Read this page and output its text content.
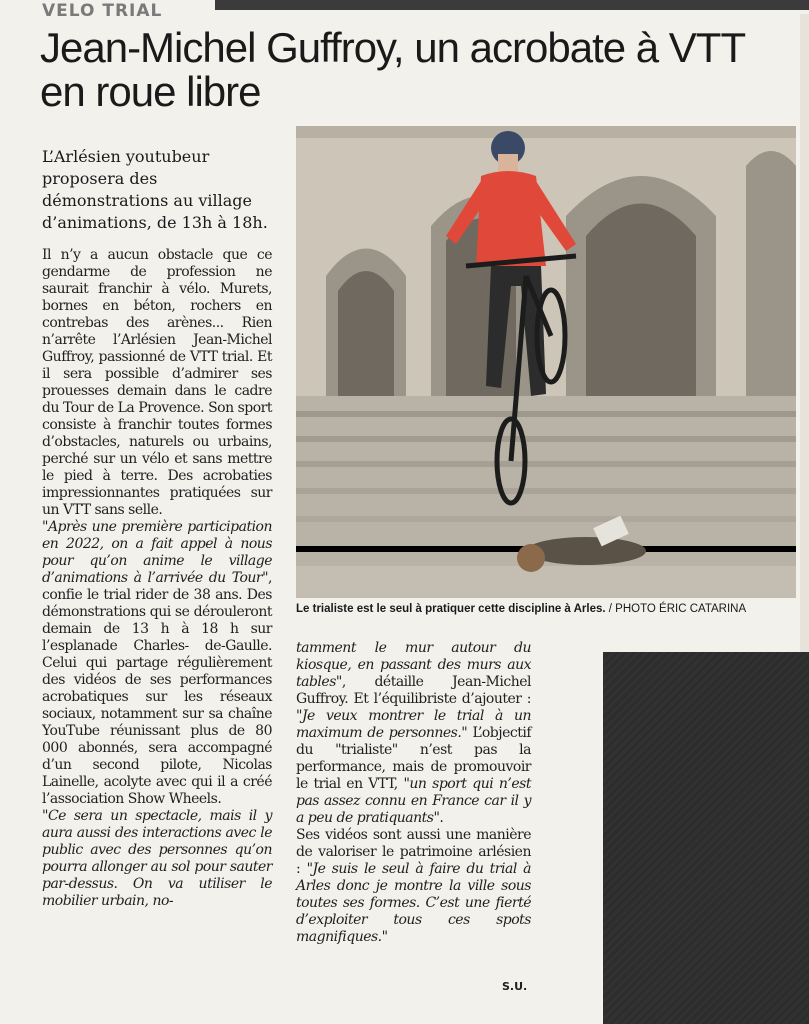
VELO TRIAL
Jean-Michel Guffroy, un acrobate à VTT en roue libre

L’Arlésien youtubeur proposera des démonstrations au village d’animations, de 13h à 18h.

Il n’y a aucun obstacle que ce gendarme de profession ne saurait franchir à vélo. Murets, bornes en béton, rochers en contrebas des arènes... Rien n’arrête l’Arlésien Jean-Michel Guffroy, passionné de VTT trial. Et il sera possible d’admirer ses prouesses demain dans le cadre du Tour de La Provence. Son sport consiste à franchir toutes formes d’obstacles, naturels ou urbains, perché sur un vélo et sans mettre le pied à terre. Des acrobaties impressionnantes pratiquées sur un VTT sans selle.

"Après une première participation en 2022, on a fait appel à nous pour qu’on anime le village d’animations à l’arrivée du Tour", confie le trial rider de 38 ans. Des démonstrations qui se dérouleront demain de 13 h à 18 h sur l’esplanade Charles- de-Gaulle. Celui qui partage régulièrement des vidéos de ses performances acrobatiques sur les réseaux sociaux, notamment sur sa chaîne YouTube réunissant plus de 80 000 abonnés, sera accompagné d’un second pilote, Nicolas Lainelle, acolyte avec qui il a créé l’association Show Wheels.

"Ce sera un spectacle, mais il y aura aussi des interactions avec le public avec des personnes qu’on pourra allonger au sol pour sauter par-dessus. On va utiliser le mobilier urbain, no-

Le trialiste est le seul à pratiquer cette discipline à Arles. / PHOTO ÉRIC CATARINA

tamment le mur autour du kiosque, en passant des murs aux tables", détaille Jean-Michel Guffroy. Et l’équilibriste d’ajouter : "Je veux montrer le trial à un maximum de personnes." L’objectif du "trialiste" n’est pas la performance, mais de promouvoir le trial en VTT, "un sport qui n’est pas assez connu en France car il y a peu de pratiquants".

Ses vidéos sont aussi une manière de valoriser le patrimoine arlésien : "Je suis le seul à faire du trial à Arles donc je montre la ville sous toutes ses formes. C’est une fierté d’exploiter tous ces spots magnifiques."

S.U.
